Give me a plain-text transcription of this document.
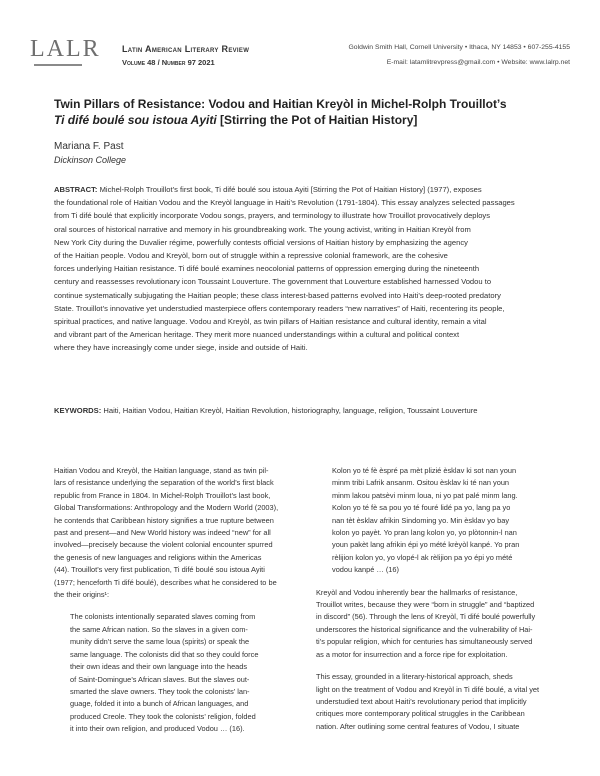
LALR Latin American Literary Review
Volume 48 / Number 97 2021
Goldwin Smith Hall, Cornell University • Ithaca, NY 14853 • 607-255-4155
E-mail: latamlitrevpress@gmail.com • Website: www.lalrp.net
Twin Pillars of Resistance: Vodou and Haitian Kreyòl in Michel-Rolph Trouillot’s
Ti difé boulé sou istoua Ayiti [Stirring the Pot of Haitian History]
Mariana F. Past
Dickinson College
ABSTRACT: Michel-Rolph Trouillot’s first book, Ti difé boulé sou istoua Ayiti [Stirring the Pot of Haitian History] (1977), exposes
the foundational role of Haitian Vodou and the Kreyòl language in Haiti’s Revolution (1791-1804). This essay analyzes selected passages
from Ti difé boulé that explicitly incorporate Vodou songs, prayers, and terminology to illustrate how Trouillot provocatively deploys
oral sources of historical narrative and memory in his groundbreaking work. The young activist, writing in Haitian Kreyòl from
New York City during the Duvalier régime, powerfully contests official versions of Haitian history by emphasizing the agency
of the Haitian people. Vodou and Kreyòl, born out of struggle within a repressive colonial framework, are the cohesive
forces underlying Haitian resistance. Ti difé boulé examines neocolonial patterns of oppression emerging during the nineteenth
century and reassesses revolutionary icon Toussaint Louverture. The government that Louverture established harnessed Vodou to
continue systematically subjugating the Haitian people; these class interest-based patterns evolved into Haiti’s deep-rooted predatory
State. Trouillot’s innovative yet understudied masterpiece offers contemporary readers “new narratives” of Haiti, recentering its people,
spiritual practices, and native language. Vodou and Kreyòl, as twin pillars of Haitian resistance and cultural identity, remain a vital
and vibrant part of the American heritage. They merit more nuanced understandings within a cultural and political context
where they have increasingly come under siege, inside and outside of Haiti.
KEYWORDS: Haiti, Haitian Vodou, Haitian Kreyòl, Haitian Revolution, historiography, language, religion, Toussaint Louverture
Haitian Vodou and Kreyòl, the Haitian language, stand as twin pil-
lars of resistance underlying the separation of the world’s first black
republic from France in 1804. In Michel-Rolph Trouillot’s last book,
Global Transformations: Anthropology and the Modern World (2003),
he contends that Caribbean history signifies a true rupture between
past and present—and New World history was indeed “new” for all
involved—precisely because the violent colonial encounter spurred
the genesis of new languages and religions within the Americas
(44). Trouillot’s very first publication, Ti difé boulé sou istoua Ayiti
(1977; henceforth Ti difé boulé), describes what he considered to be
the their origins¹:
The colonists intentionally separated slaves coming from
the same African nation. So the slaves in a given com-
munity didn’t serve the same loua (spirits) or speak the
same language. The colonists did that so they could force
their own ideas and their own language into the heads
of Saint-Domingue’s African slaves. But the slaves out-
smarted the slave owners. They took the colonists’ lan-
guage, folded it into a bunch of African languages, and
produced Creole. They took the colonists’ religion, folded
it into their own religion, and produced Vodou … (16).
Kolon yo té fè èspré pa mèt plizié èsklav ki sot nan youn
minm tribi Lafrik ansanm. Ositou èsklav ki té nan youn
minm lakou patsèvi minm loua, ni yo pat palé minm lang.
Kolon yo té fè sa pou yo té fouré lidé pa yo, lang pa yo
nan tèt èsklav afrikin Sindoming yo. Min èsklav yo bay
kolon yo payèt. Yo pran lang kolon yo, yo plòtonnin-l nan
youn pakèt lang afrikin épi yo mété krèyòl kanpé. Yo pran
rèlijion kolon yo, yo vlopé-l ak rèlijion pa yo épi yo mété
vodou kanpé … (16)
Kreyòl and Vodou inherently bear the hallmarks of resistance,
Trouillot writes, because they were “born in struggle” and “baptized
in discord” (56). Through the lens of Kreyòl, Ti difé boulé powerfully
underscores the historical significance and the vulnerability of Hai-
ti’s popular religion, which for centuries has simultaneously served
as a motor for insurrection and a force ripe for exploitation.
This essay, grounded in a literary-historical approach, sheds
light on the treatment of Vodou and Kreyòl in Ti difé boulé, a vital yet
understudied text about Haiti’s revolutionary period that implicitly
critiques more contemporary political struggles in the Caribbean
nation. After outlining some central features of Vodou, I situate
